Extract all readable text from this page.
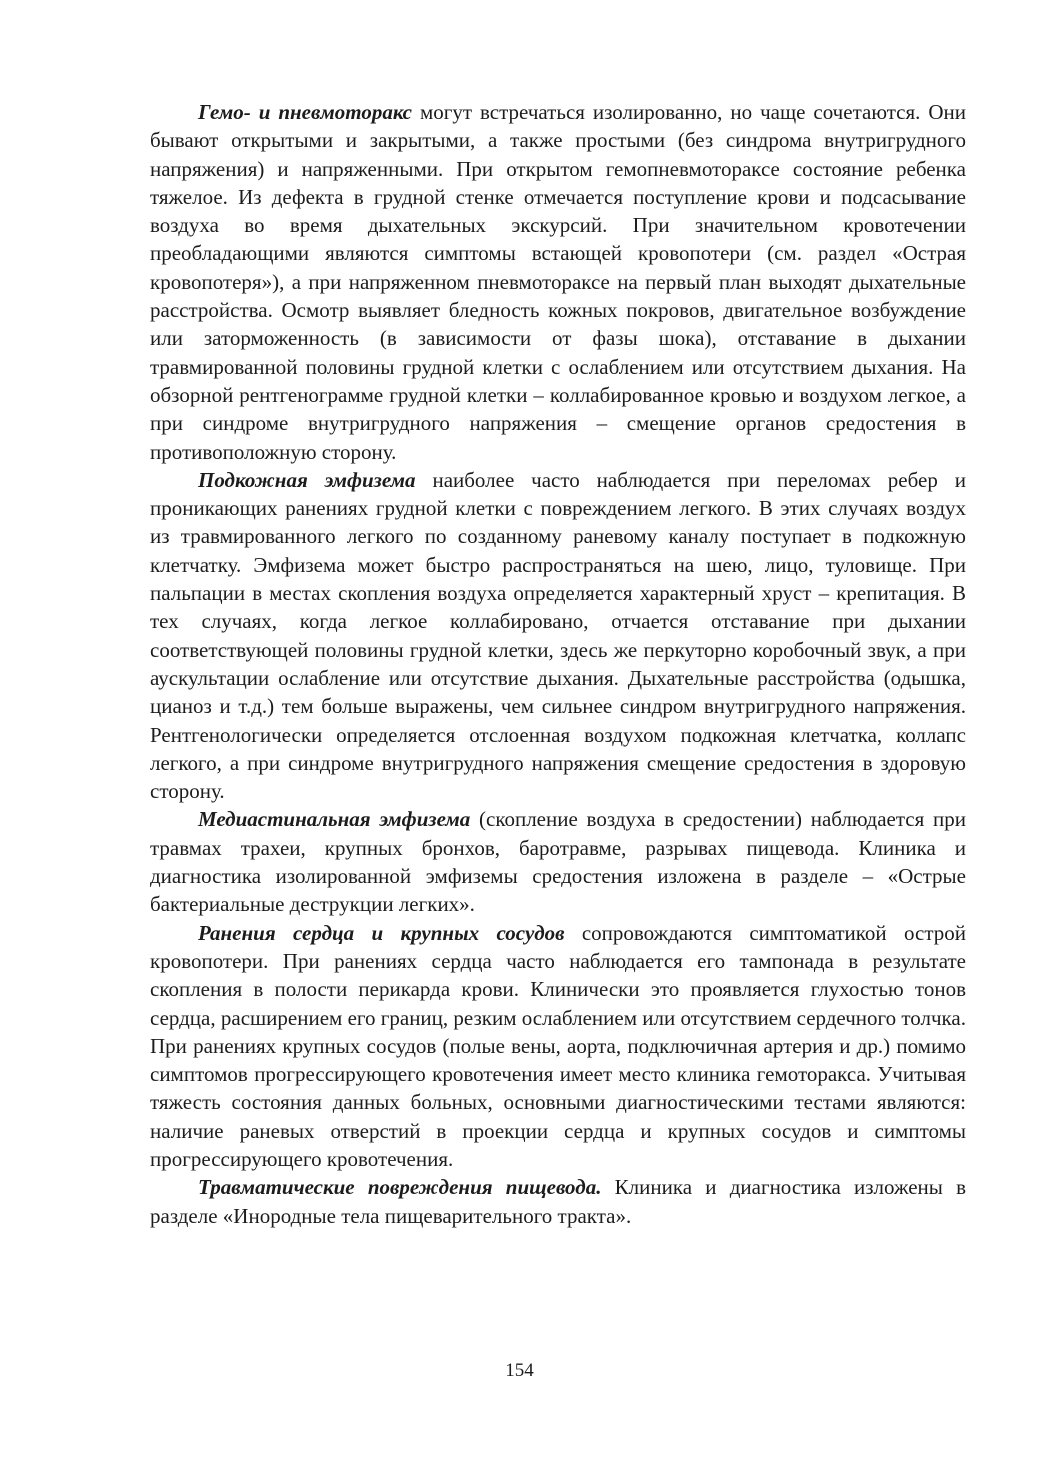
Гемо- и пневмоторакс могут встречаться изолированно, но чаще сочетаются. Они бывают открытыми и закрытыми, а также простыми (без синдрома внутригрудного напряжения) и напряженными. При открытом гемопневмотораксе состояние ребенка тяжелое. Из дефекта в грудной стенке отмечается поступление крови и подсасывание воздуха во время дыхательных экскурсий. При значительном кровотечении преобладающими являются симптомы встающей кровопотери (см. раздел «Острая кровопотеря»), а при напряженном пневмотораксе на первый план выходят дыхательные расстройства. Осмотр выявляет бледность кожных покровов, двигательное возбуждение или заторможенность (в зависимости от фазы шока), отставание в дыхании травмированной половины грудной клетки с ослаблением или отсутствием дыхания. На обзорной рентгенограмме грудной клетки – коллабированное кровью и воздухом легкое, а при синдроме внутригрудного напряжения – смещение органов средостения в противоположную сторону.

Подкожная эмфизема наиболее часто наблюдается при переломах ребер и проникающих ранениях грудной клетки с повреждением легкого. В этих случаях воздух из травмированного легкого по созданному раневому каналу поступает в подкожную клетчатку. Эмфизема может быстро распространяться на шею, лицо, туловище. При пальпации в местах скопления воздуха определяется характерный хруст – крепитация. В тех случаях, когда легкое коллабировано, отчается отставание при дыхании соответствующей половины грудной клетки, здесь же перкуторно коробочный звук, а при аускультации ослабление или отсутствие дыхания. Дыхательные расстройства (одышка, цианоз и т.д.) тем больше выражены, чем сильнее синдром внутригрудного напряжения. Рентгенологически определяется отслоенная воздухом подкожная клетчатка, коллапс легкого, а при синдроме внутригрудного напряжения смещение средостения в здоровую сторону.

Медиастинальная эмфизема (скопление воздуха в средостении) наблюдается при травмах трахеи, крупных бронхов, баротравме, разрывах пищевода. Клиника и диагностика изолированной эмфиземы средостения изложена в разделе – «Острые бактериальные деструкции легких».

Ранения сердца и крупных сосудов сопровождаются симптоматикой острой кровопотери. При ранениях сердца часто наблюдается его тампонада в результате скопления в полости перикарда крови. Клинически это проявляется глухостью тонов сердца, расширением его границ, резким ослаблением или отсутствием сердечного толчка. При ранениях крупных сосудов (полые вены, аорта, подключичная артерия и др.) помимо симптомов прогрессирующего кровотечения имеет место клиника гемоторакса. Учитывая тяжесть состояния данных больных, основными диагностическими тестами являются: наличие раневых отверстий в проекции сердца и крупных сосудов и симптомы прогрессирующего кровотечения.

Травматические повреждения пищевода. Клиника и диагностика изложены в разделе «Инородные тела пищеварительного тракта».

154
